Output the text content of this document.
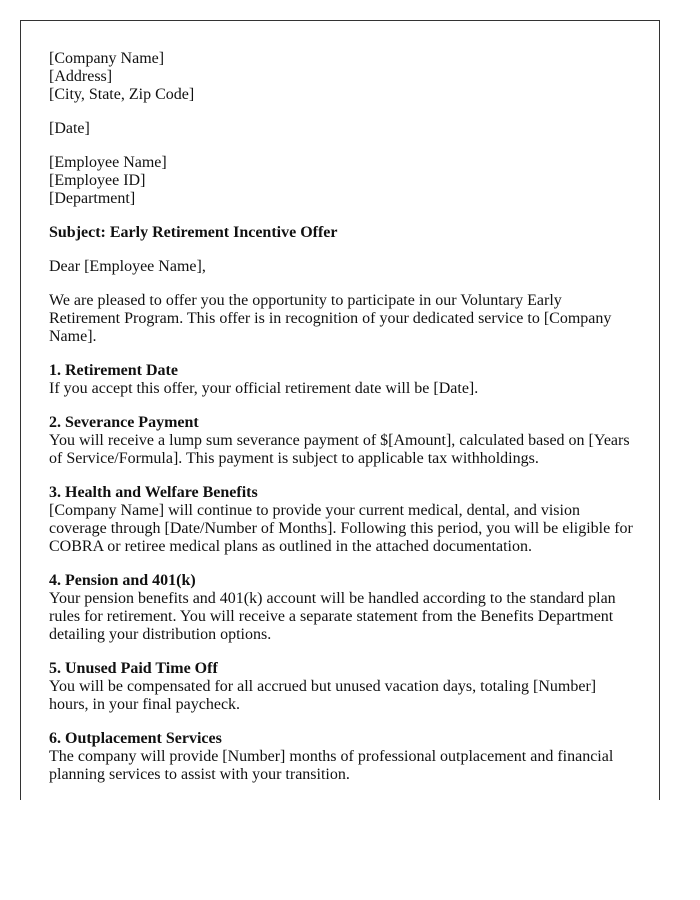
[Company Name]
[Address]
[City, State, Zip Code]
[Date]
[Employee Name]
[Employee ID]
[Department]
Subject: Early Retirement Incentive Offer
Dear [Employee Name],
We are pleased to offer you the opportunity to participate in our Voluntary Early
Retirement Program. This offer is in recognition of your dedicated service to [Company
Name].
1. Retirement Date
If you accept this offer, your official retirement date will be [Date].
2. Severance Payment
You will receive a lump sum severance payment of $[Amount], calculated based on [Years
of Service/Formula]. This payment is subject to applicable tax withholdings.
3. Health and Welfare Benefits
[Company Name] will continue to provide your current medical, dental, and vision
coverage through [Date/Number of Months]. Following this period, you will be eligible for
COBRA or retiree medical plans as outlined in the attached documentation.
4. Pension and 401(k)
Your pension benefits and 401(k) account will be handled according to the standard plan
rules for retirement. You will receive a separate statement from the Benefits Department
detailing your distribution options.
5. Unused Paid Time Off
You will be compensated for all accrued but unused vacation days, totaling [Number]
hours, in your final paycheck.
6. Outplacement Services
The company will provide [Number] months of professional outplacement and financial
planning services to assist with your transition.
